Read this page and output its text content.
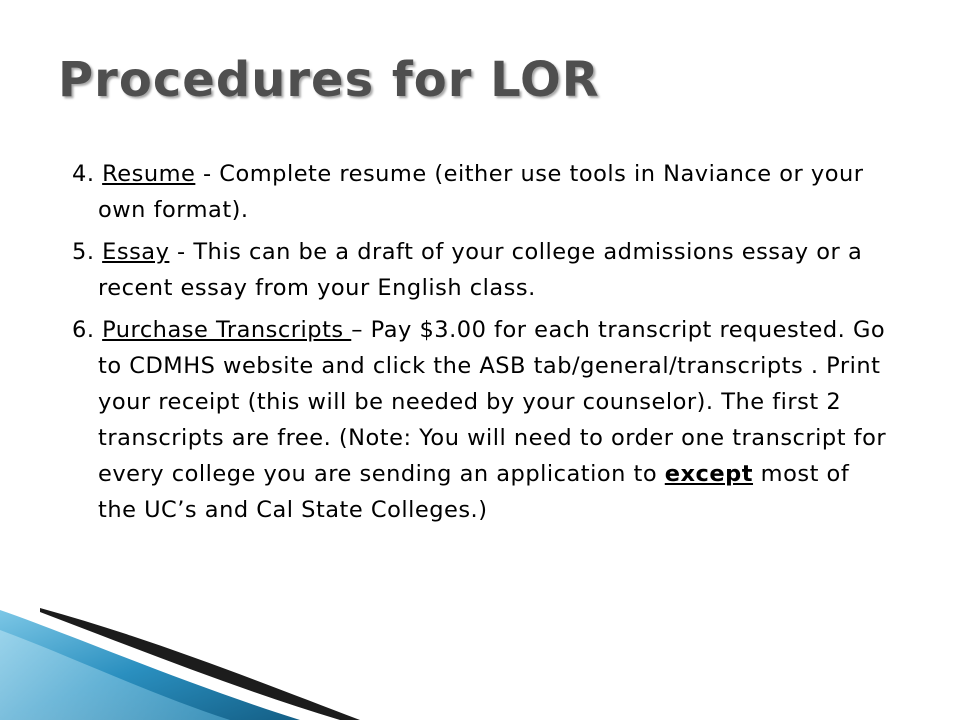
Procedures for LOR

4. Resume - Complete resume (either use tools in Naviance or your own format).

5. Essay - This can be a draft of your college admissions essay or a recent essay from your English class.

6. Purchase Transcripts – Pay $3.00 for each transcript requested. Go to CDMHS website and click the ASB tab/general/transcripts . Print your receipt (this will be needed by your counselor). The first 2 transcripts are free. (Note: You will need to order one transcript for every college you are sending an application to except most of the UC’s and Cal State Colleges.)
